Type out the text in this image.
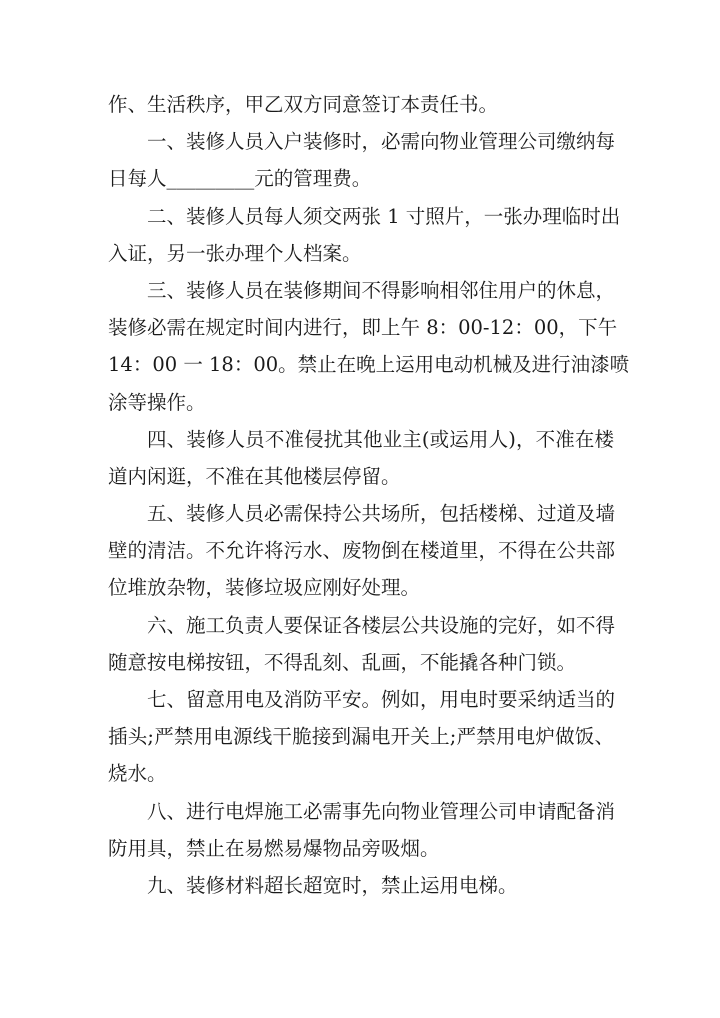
作、生活秩序，甲乙双方同意签订本责任书。
一、装修人员入户装修时，必需向物业管理公司缴纳每
日每人_________元的管理费。
二、装修人员每人须交两张 1 寸照片，一张办理临时出
入证，另一张办理个人档案。
三、装修人员在装修期间不得影响相邻住用户的休息，
装修必需在规定时间内进行，即上午 8：00-12：00，下午
14：00 一 18：00。禁止在晚上运用电动机械及进行油漆喷
涂等操作。
四、装修人员不准侵扰其他业主(或运用人)，不准在楼
道内闲逛，不准在其他楼层停留。
五、装修人员必需保持公共场所，包括楼梯、过道及墙
壁的清洁。不允许将污水、废物倒在楼道里，不得在公共部
位堆放杂物，装修垃圾应刚好处理。
六、施工负责人要保证各楼层公共设施的完好，如不得
随意按电梯按钮，不得乱刻、乱画，不能撬各种门锁。
七、留意用电及消防平安。例如，用电时要采纳适当的
插头;严禁用电源线干脆接到漏电开关上;严禁用电炉做饭、
烧水。
八、进行电焊施工必需事先向物业管理公司申请配备消
防用具，禁止在易燃易爆物品旁吸烟。
九、装修材料超长超宽时，禁止运用电梯。
